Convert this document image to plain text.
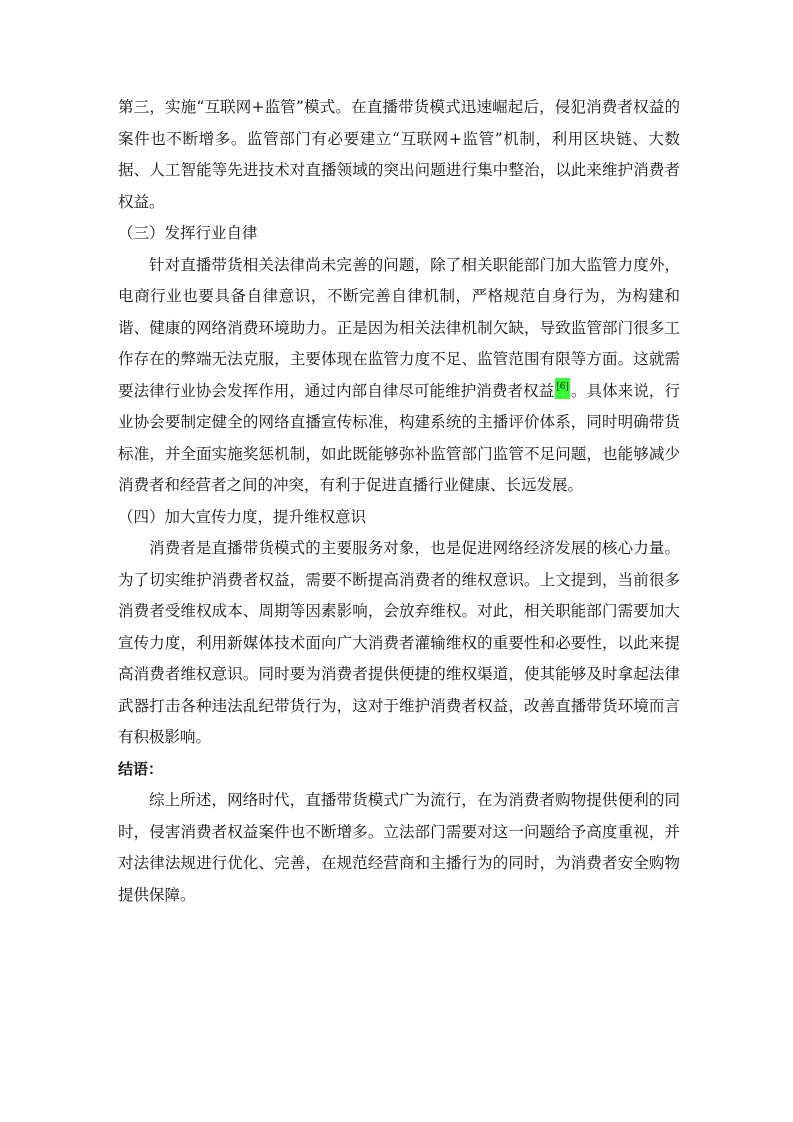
第三，实施“互联网+监管”模式。在直播带货模式迅速崛起后，侵犯消费者权益的案件也不断增多。监管部门有必要建立“互联网+监管”机制，利用区块链、大数据、人工智能等先进技术对直播领域的突出问题进行集中整治，以此来维护消费者权益。

（三）发挥行业自律

针对直播带货相关法律尚未完善的问题，除了相关职能部门加大监管力度外，电商行业也要具备自律意识，不断完善自律机制，严格规范自身行为，为构建和谐、健康的网络消费环境助力。正是因为相关法律机制欠缺，导致监管部门很多工作存在的弊端无法克服，主要体现在监管力度不足、监管范围有限等方面。这就需要法律行业协会发挥作用，通过内部自律尽可能维护消费者权益 [6] 。具体来说，行业协会要制定健全的网络直播宣传标准，构建系统的主播评价体系，同时明确带货标准，并全面实施奖惩机制，如此既能够弥补监管部门监管不足问题，也能够减少消费者和经营者之间的冲突，有利于促进直播行业健康、长远发展。

（四）加大宣传力度，提升维权意识

消费者是直播带货模式的主要服务对象，也是促进网络经济发展的核心力量。为了切实维护消费者权益，需要不断提高消费者的维权意识。上文提到，当前很多消费者受维权成本、周期等因素影响，会放弃维权。对此，相关职能部门需要加大宣传力度，利用新媒体技术面向广大消费者灌输维权的重要性和必要性，以此来提高消费者维权意识。同时要为消费者提供便捷的维权渠道，使其能够及时拿起法律武器打击各种违法乱纪带货行为，这对于维护消费者权益，改善直播带货环境而言有积极影响。

结语：

综上所述，网络时代，直播带货模式广为流行，在为消费者购物提供便利的同时，侵害消费者权益案件也不断增多。立法部门需要对这一问题给予高度重视，并对法律法规进行优化、完善，在规范经营商和主播行为的同时，为消费者安全购物提供保障。
